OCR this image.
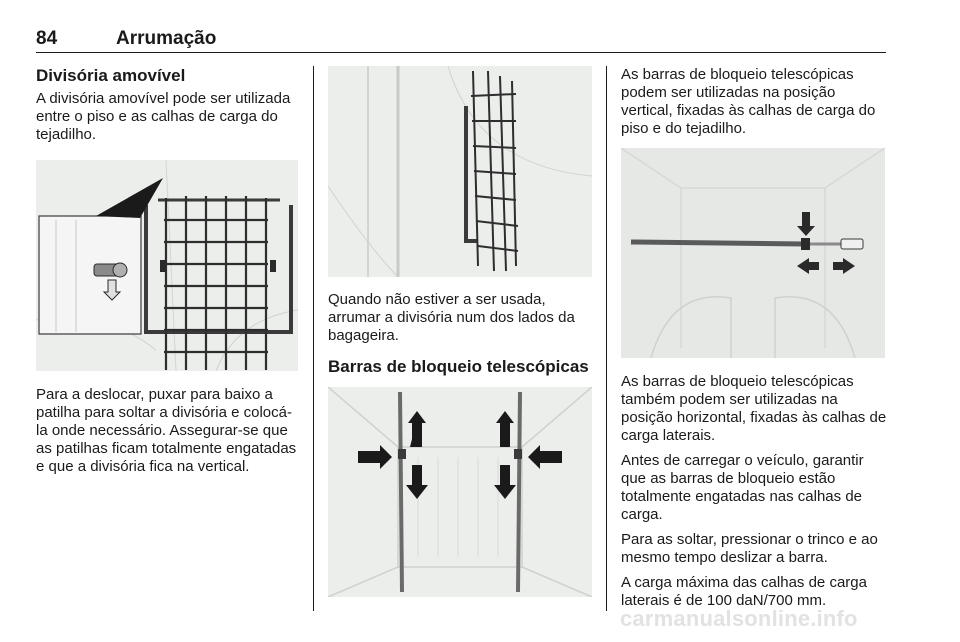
84	Arrumação
Divisória amovível

A divisória amovível pode ser utilizada entre o piso e as calhas de carga do tejadilho.

Para a deslocar, puxar para baixo a patilha para soltar a divisória e colocá-la onde necessário. Assegurar-se que as patilhas ficam totalmente engatadas e que a divisória fica na vertical.

Quando não estiver a ser usada, arrumar a divisória num dos lados da bagageira.

Barras de bloqueio telescópicas

As barras de bloqueio telescópicas podem ser utilizadas na posição vertical, fixadas às calhas de carga do piso e do tejadilho.

As barras de bloqueio telescópicas também podem ser utilizadas na posição horizontal, fixadas às calhas de carga laterais.

Antes de carregar o veículo, garantir que as barras de bloqueio estão totalmente engatadas nas calhas de carga.

Para as soltar, pressionar o trinco e ao mesmo tempo deslizar a barra.

A carga máxima das calhas de carga laterais é de 100 daN/700 mm.

carmanualsonline.info
